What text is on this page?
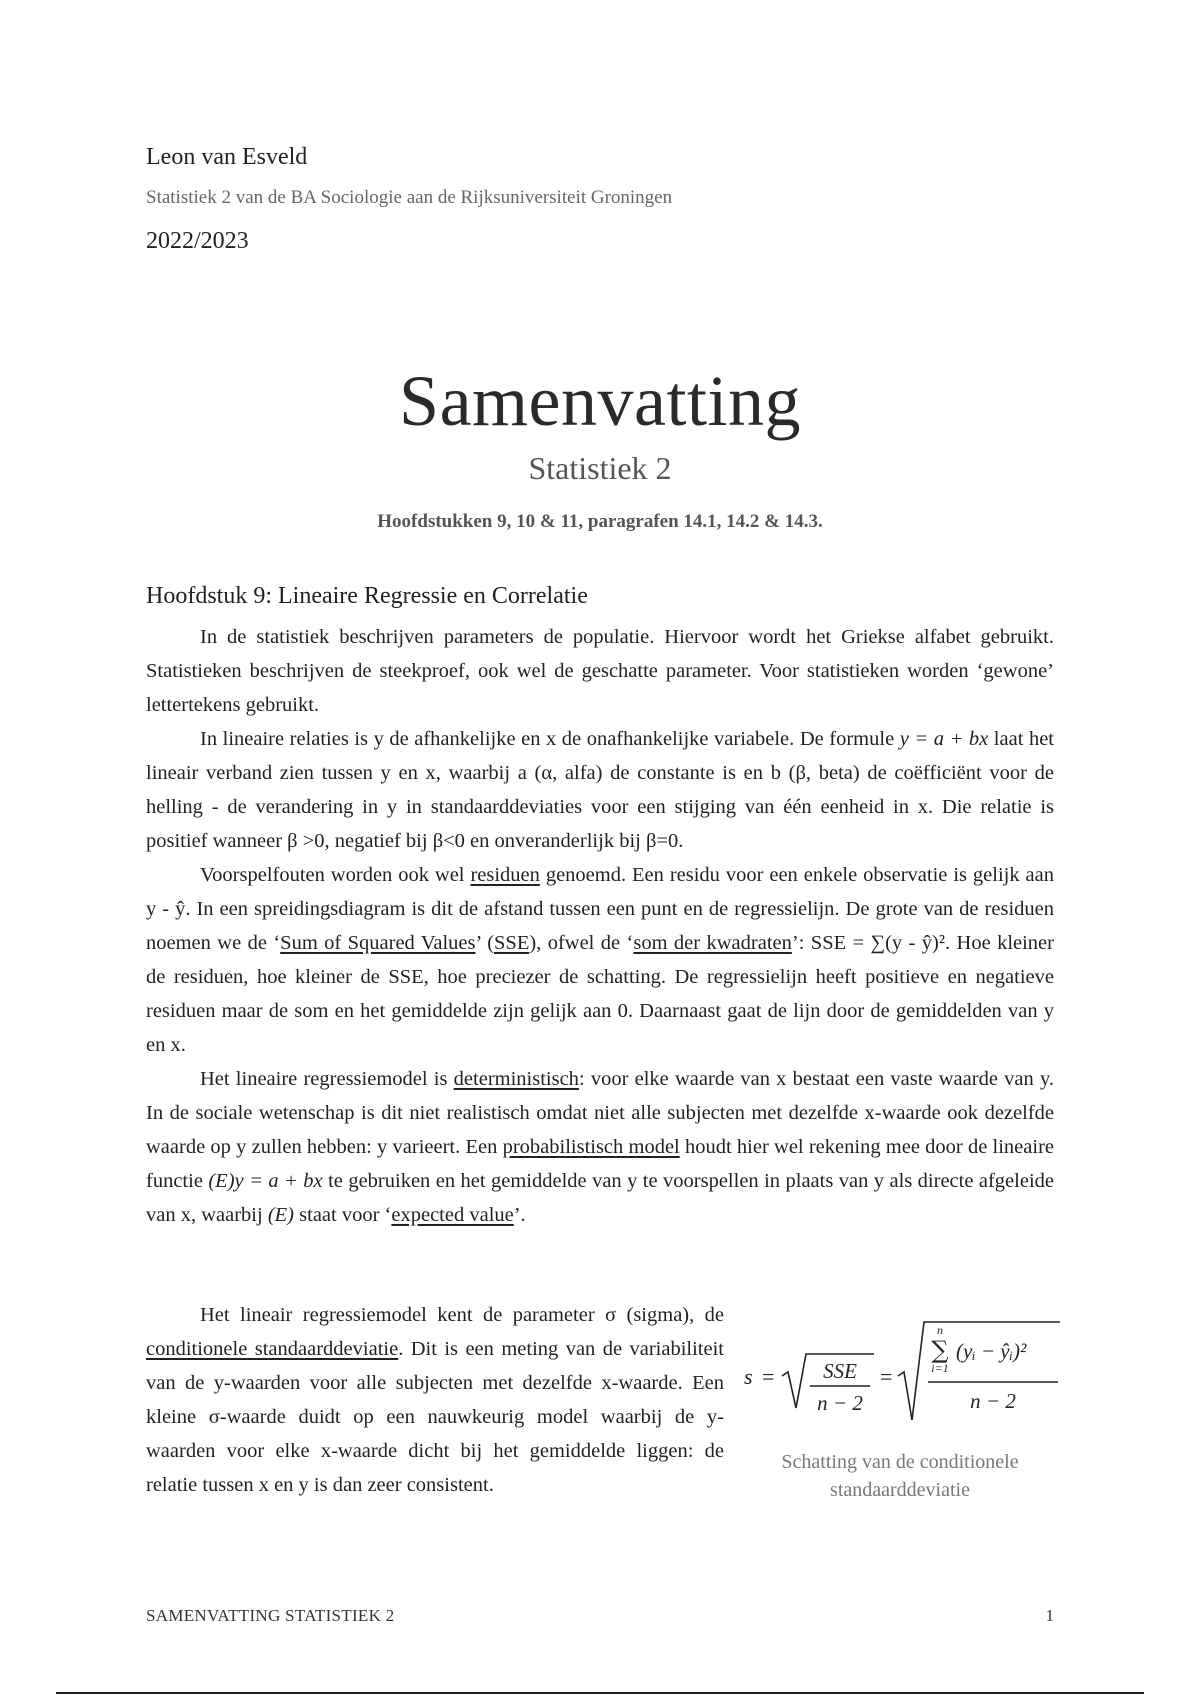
Leon van Esveld
Statistiek 2 van de BA Sociologie aan de Rijksuniversiteit Groningen
2022/2023
Samenvatting
Statistiek 2
Hoofdstukken 9, 10 & 11, paragrafen 14.1, 14.2 & 14.3.
Hoofdstuk 9: Lineaire Regressie en Correlatie

In de statistiek beschrijven parameters de populatie. Hiervoor wordt het Griekse alfabet gebruikt. Statistieken beschrijven de steekproef, ook wel de geschatte parameter. Voor statistieken worden ‘gewone’ lettertekens gebruikt.

In lineaire relaties is y de afhankelijke en x de onafhankelijke variabele. De formule y = a + bx laat het lineair verband zien tussen y en x, waarbij a (α, alfa) de constante is en b (β, beta) de coëfficiënt voor de helling - de verandering in y in standaarddeviaties voor een stijging van één eenheid in x. Die relatie is positief wanneer β >0, negatief bij β<0 en onveranderlijk bij β=0.

Voorspelfouten worden ook wel residuen genoemd. Een residu voor een enkele observatie is gelijk aan y - ŷ. In een spreidingsdiagram is dit de afstand tussen een punt en de regressielijn. De grote van de residuen noemen we de ‘Sum of Squared Values’ (SSE), ofwel de ‘som der kwadraten’: SSE = ∑(y - ŷ)². Hoe kleiner de residuen, hoe kleiner de SSE, hoe preciezer de schatting. De regressielijn heeft positieve en negatieve residuen maar de som en het gemiddelde zijn gelijk aan 0. Daarnaast gaat de lijn door de gemiddelden van y en x.

Het lineaire regressiemodel is deterministisch: voor elke waarde van x bestaat een vaste waarde van y. In de sociale wetenschap is dit niet realistisch omdat niet alle subjecten met dezelfde x-waarde ook dezelfde waarde op y zullen hebben: y varieert. Een probabilistisch model houdt hier wel rekening mee door de lineaire functie (E)y = a + bx te gebruiken en het gemiddelde van y te voorspellen in plaats van y als directe afgeleide van x, waarbij (E) staat voor ‘expected value’.

Het lineair regressiemodel kent de parameter σ (sigma), de conditionele standaarddeviatie. Dit is een meting van de variabiliteit van de y-waarden voor alle subjecten met dezelfde x-waarde. Een kleine σ-waarde duidt op een nauwkeurig model waarbij de y-waarden voor elke x-waarde dicht bij het gemiddelde liggen: de relatie tussen x en y is dan zeer consistent.

s = SSE
n − 2
=
n
∑
i=1
(yᵢ − ŷᵢ)²
n − 2
Schatting van de conditionele standaarddeviatie
SAMENVATTING STATISTIEK 2	1
